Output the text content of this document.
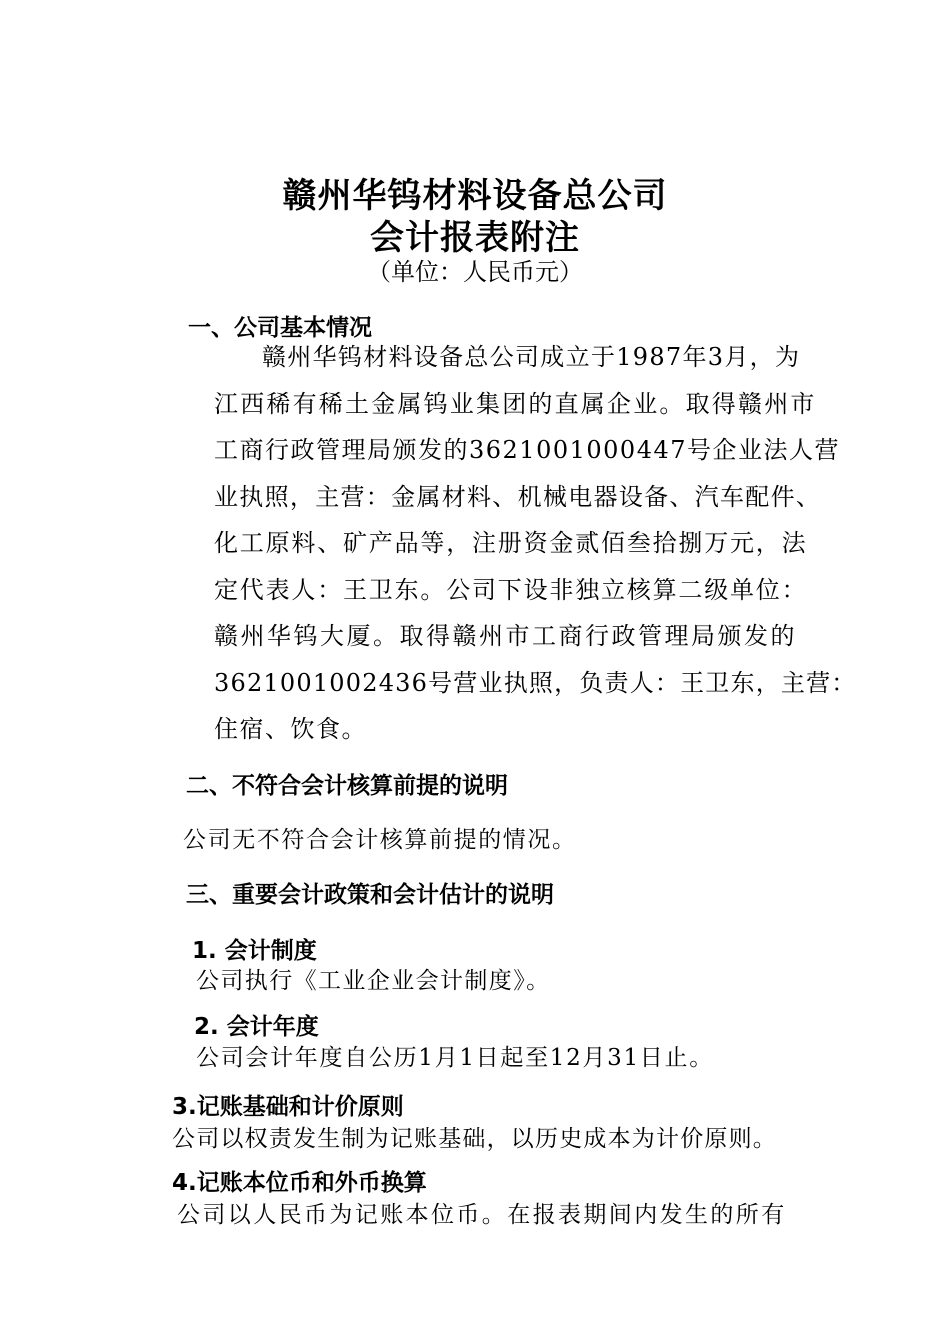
赣州华钨材料设备总公司
会计报表附注
（单位：人民币元）
一、公司基本情况
赣州华钨材料设备总公司成立于1987年3月，为
江西稀有稀土金属钨业集团的直属企业。取得赣州市
工商行政管理局颁发的3621001000447号企业法人营
业执照，主营：金属材料、机械电器设备、汽车配件、
化工原料、矿产品等，注册资金贰佰叁拾捌万元，法
定代表人：王卫东。公司下设非独立核算二级单位：
赣州华钨大厦。取得赣州市工商行政管理局颁发的
3621001002436号营业执照，负责人：王卫东，主营：
住宿、饮食。
二、不符合会计核算前提的说明
公司无不符合会计核算前提的情况。
三、重要会计政策和会计估计的说明
1. 会计制度
公司执行《工业企业会计制度》。
2. 会计年度
公司会计年度自公历1月1日起至12月31日止。
3.记账基础和计价原则
公司以权责发生制为记账基础，以历史成本为计价原则。
4.记账本位币和外币换算
公司以人民币为记账本位币。在报表期间内发生的所有
